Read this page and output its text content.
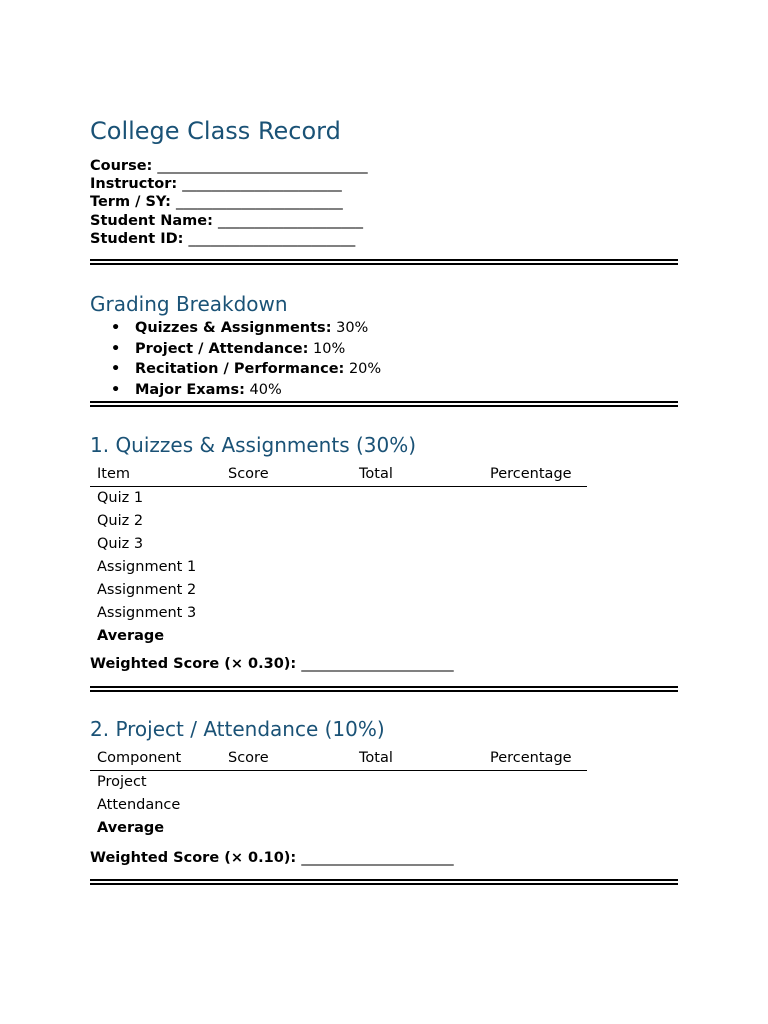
College Class Record
Course: _____________________________
Instructor: ______________________
Term / SY: _______________________
Student Name: ____________________
Student ID: _______________________
Grading Breakdown
• Quizzes & Assignments: 30%
• Project / Attendance: 10%
• Recitation / Performance: 20%
• Major Exams: 40%
1. Quizzes & Assignments (30%)
Item	Score	Total	Percentage
Quiz 1			
Quiz 2			
Quiz 3			
Assignment 1			
Assignment 2			
Assignment 3			
Average			
Weighted Score (× 0.30): _____________________
2. Project / Attendance (10%)
Component	Score	Total	Percentage
Project			
Attendance			
Average			
Weighted Score (× 0.10): _____________________
